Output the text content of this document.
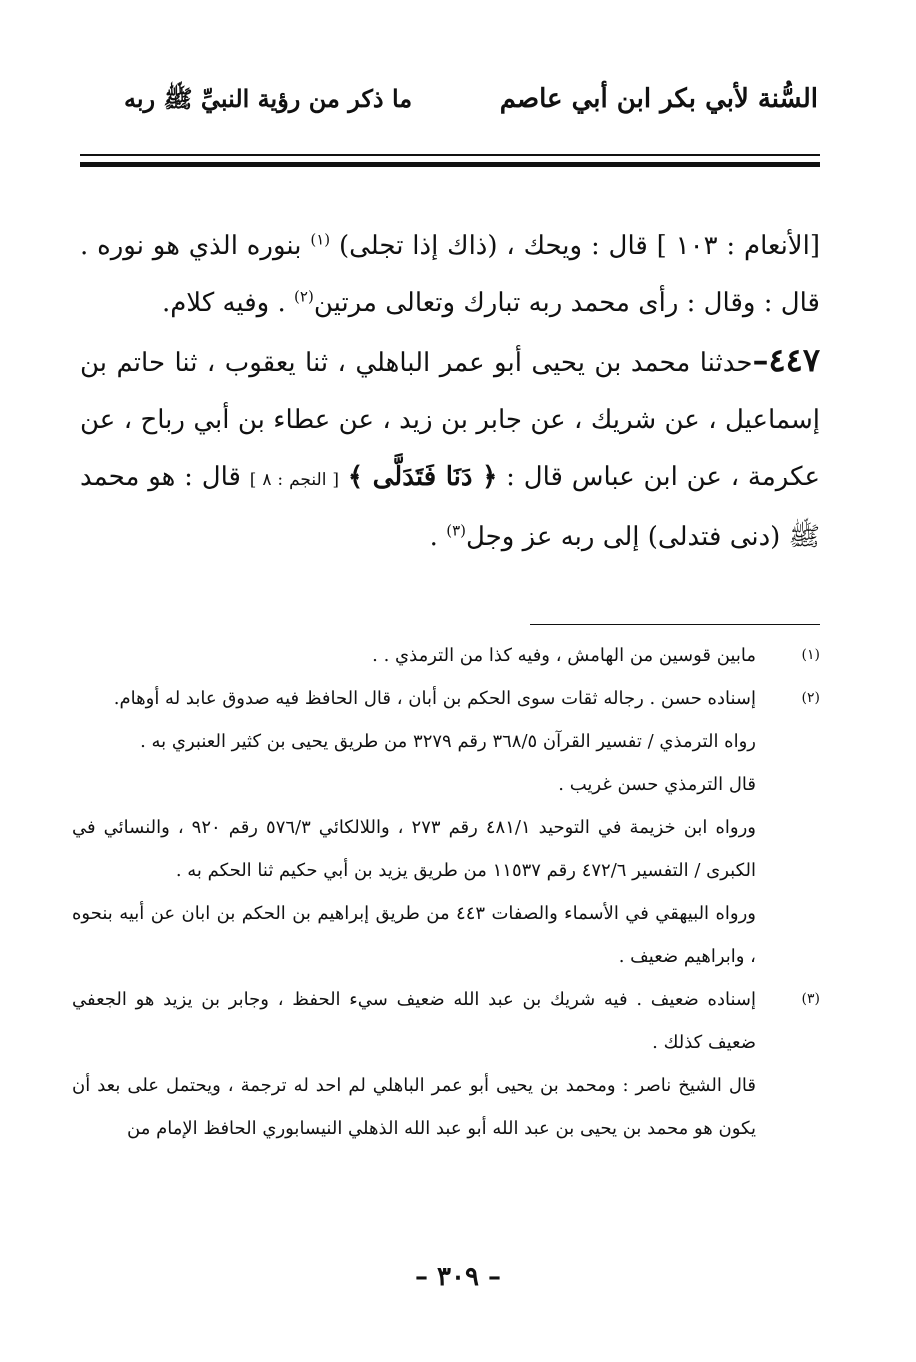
السُّنة لأبي بكر ابن أبي عاصم
ما ذكر من رؤية النبيِّ ﷺ ربه

[الأنعام : ١٠٣ ] قال : ويحك ، (ذاك إذا تجلى) $^{(١)}$ بنوره الذي هو نوره . قال : وقال : رأى محمد ربه تبارك وتعالى مرتين$^{(٢)}$ . وفيه كلام.

٤٤٧–حدثنا محمد بن يحيى أبو عمر الباهلي ، ثنا يعقوب ، ثنا حاتم بن إسماعيل ، عن شريك ، عن جابر بن زيد ، عن عطاء بن أبي رباح ، عن عكرمة ، عن ابن عباس قال : ﴿ دَنَا فَتَدَلَّى ﴾ [ النجم : ٨ ] قال : هو محمد ﷺ (دنى فتدلى) إلى ربه عز وجل$^{(٣)}$ .

(١)
مابين قوسين من الهامش ، وفيه كذا من الترمذي . .
(٢)
إسناده حسن . رجاله ثقات سوى الحكم بن أبان ، قال الحافظ فيه صدوق عابد له أوهام.
رواه الترمذي / تفسير القرآن ٣٦٨/٥ رقم ٣٢٧٩ من طريق يحيى بن كثير العنبري به .
قال الترمذي حسن غريب .
ورواه ابن خزيمة في التوحيد ٤٨١/١ رقم ٢٧٣ ، واللالكائي ٥٧٦/٣ رقم ٩٢٠ ، والنسائي في الكبرى / التفسير ٤٧٢/٦ رقم ١١٥٣٧ من طريق يزيد بن أبي حكيم ثنا الحكم به .
ورواه البيهقي في الأسماء والصفات ٤٤٣ من طريق إبراهيم بن الحكم بن ابان عن أبيه بنحوه ، وابراهيم ضعيف .
(٣)
إسناده ضعيف . فيه شريك بن عبد الله ضعيف سيء الحفظ ، وجابر بن يزيد هو الجعفي ضعيف كذلك .
قال الشيخ ناصر : ومحمد بن يحيى أبو عمر الباهلي لم احد له ترجمة ، ويحتمل على بعد أن يكون هو محمد بن يحيى بن عبد الله أبو عبد الله الذهلي النيسابوري الحافظ الإمام من
– ٣٠٩ –
